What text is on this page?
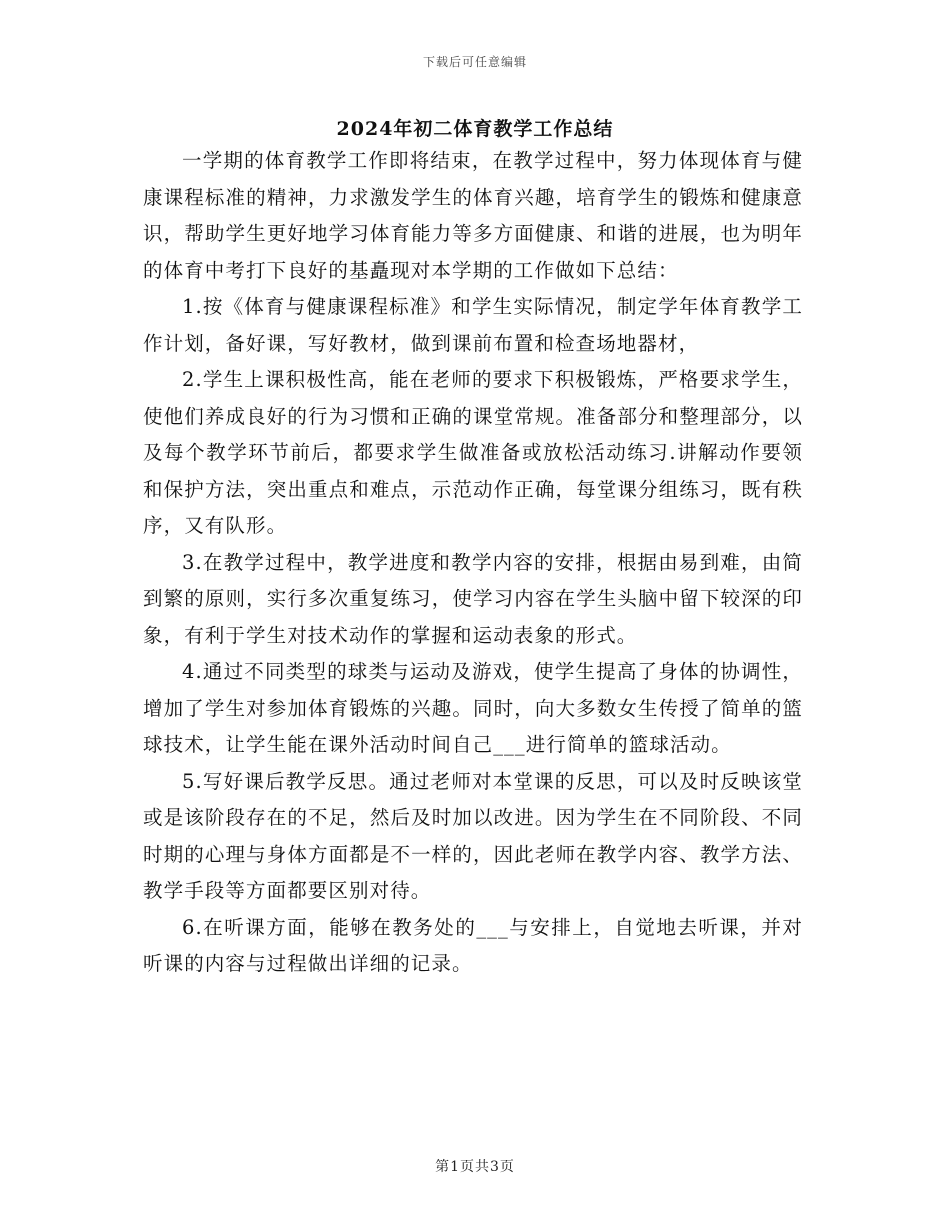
下载后可任意编辑
2024年初二体育教学工作总结

一学期的体育教学工作即将结束，在教学过程中，努力体现体育与健康课程标准的精神，力求激发学生的体育兴趣，培育学生的锻炼和健康意识，帮助学生更好地学习体育能力等多方面健康、和谐的进展，也为明年的体育中考打下良好的基矗现对本学期的工作做如下总结：

1.按《体育与健康课程标准》和学生实际情况，制定学年体育教学工作计划，备好课，写好教材，做到课前布置和检查场地器材，

2.学生上课积极性高，能在老师的要求下积极锻炼，严格要求学生，使他们养成良好的行为习惯和正确的课堂常规。准备部分和整理部分，以及每个教学环节前后，都要求学生做准备或放松活动练习.讲解动作要领和保护方法，突出重点和难点，示范动作正确，每堂课分组练习，既有秩序，又有队形。

3.在教学过程中，教学进度和教学内容的安排，根据由易到难，由简到繁的原则，实行多次重复练习，使学习内容在学生头脑中留下较深的印象，有利于学生对技术动作的掌握和运动表象的形式。

4.通过不同类型的球类与运动及游戏，使学生提高了身体的协调性，增加了学生对参加体育锻炼的兴趣。同时，向大多数女生传授了简单的篮球技术，让学生能在课外活动时间自己___进行简单的篮球活动。

5.写好课后教学反思。通过老师对本堂课的反思，可以及时反映该堂或是该阶段存在的不足，然后及时加以改进。因为学生在不同阶段、不同时期的心理与身体方面都是不一样的，因此老师在教学内容、教学方法、教学手段等方面都要区别对待。

6.在听课方面，能够在教务处的___与安排上，自觉地去听课，并对听课的内容与过程做出详细的记录。

第1页共3页
